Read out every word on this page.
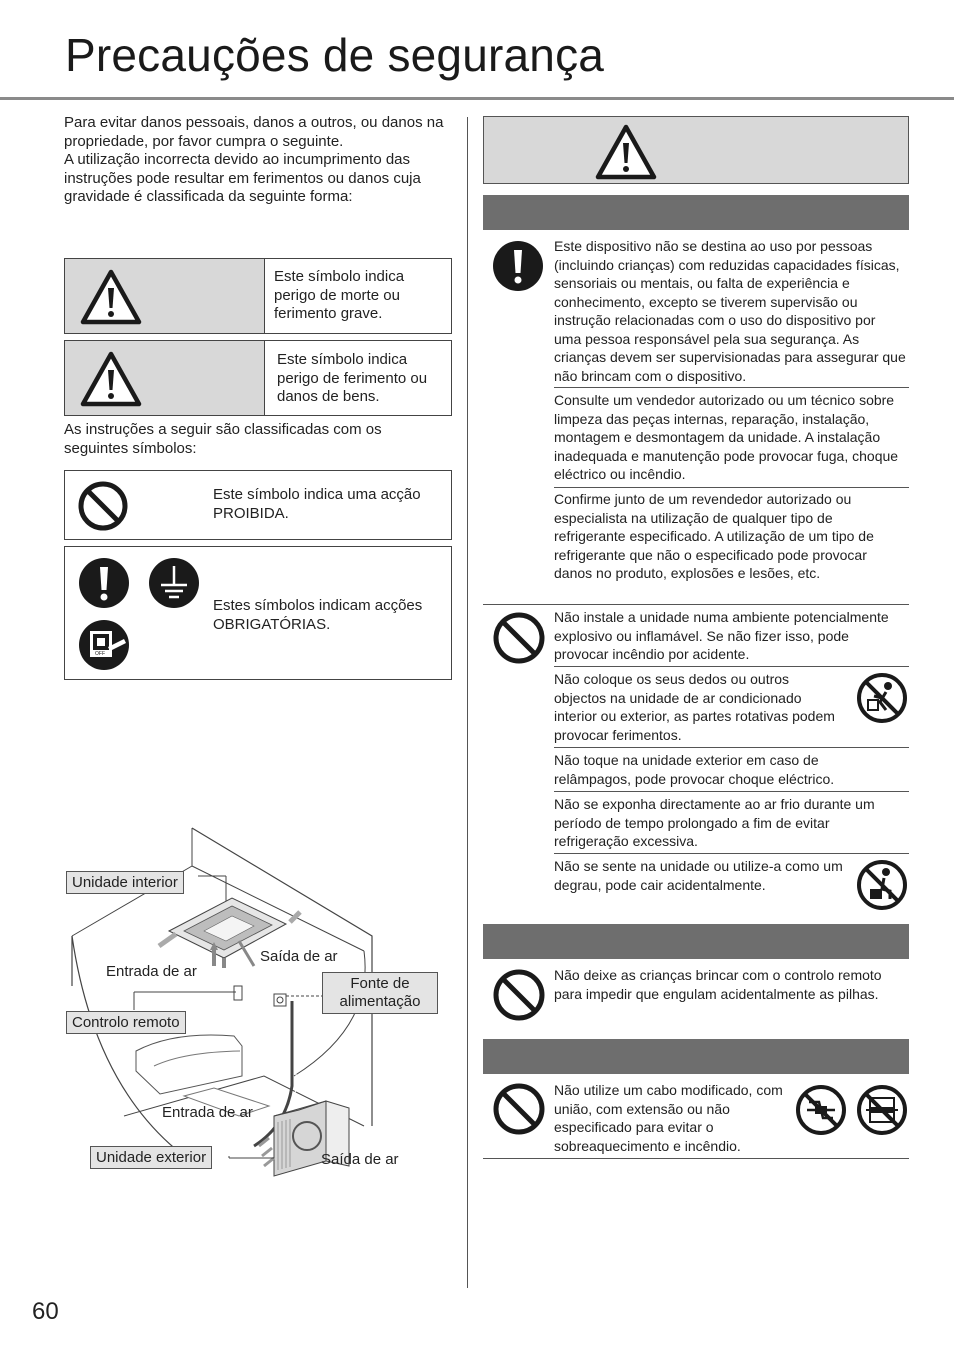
Precauções de segurança

Para evitar danos pessoais, danos a outros, ou danos na propriedade, por favor cumpra o seguinte.

A utilização incorrecta devido ao incumprimento das instruções pode resultar em ferimentos ou danos cuja gravidade é classificada da seguinte forma:

Este símbolo indica perigo de morte ou ferimento grave.
Este símbolo indica perigo de ferimento ou danos de bens.
As instruções a seguir são classificadas com os seguintes símbolos:
Este símbolo indica uma acção PROIBIDA.
OFF
Estes símbolos indicam acções OBRIGATÓRIAS.
Unidade interior
Entrada de ar
Saída de ar
Fonte de alimentação
Controlo remoto
Entrada de ar
Unidade exterior	Saída de ar
Este dispositivo não se destina ao uso por pessoas (incluindo crianças) com reduzidas capacidades físicas, sensoriais ou mentais, ou falta de experiência e conhecimento, excepto se tiverem supervisão ou instrução relacionadas com o uso do dispositivo por uma pessoa responsável pela sua segurança. As crianças devem ser supervisionadas para assegurar que não brincam com o dispositivo.
Consulte um vendedor autorizado ou um técnico sobre limpeza das peças internas, reparação, instalação, montagem e desmontagem da unidade. A instalação inadequada e manutenção pode provocar fuga, choque eléctrico ou incêndio.
Confirme junto de um revendedor autorizado ou especialista na utilização de qualquer tipo de refrigerante especificado. A utilização de um tipo de refrigerante que não o especificado pode provocar danos no produto, explosões e lesões, etc.
Não instale a unidade numa ambiente potencialmente explosivo ou inflamável. Se não fizer isso, pode provocar incêndio por acidente.
Não coloque os seus dedos ou outros objectos na unidade de ar condicionado interior ou exterior, as partes rotativas podem provocar ferimentos.
Não toque na unidade exterior em caso de relâmpagos, pode provocar choque eléctrico.
Não se exponha directamente ao ar frio durante um período de tempo prolongado a fim de evitar refrigeração excessiva.
Não se sente na unidade ou utilize-a como um degrau, pode cair acidentalmente.
Não deixe as crianças brincar com o controlo remoto para impedir que engulam acidentalmente as pilhas.
Não utilize um cabo modificado, com união, com extensão ou não especificado para evitar o sobreaquecimento e incêndio.
60
